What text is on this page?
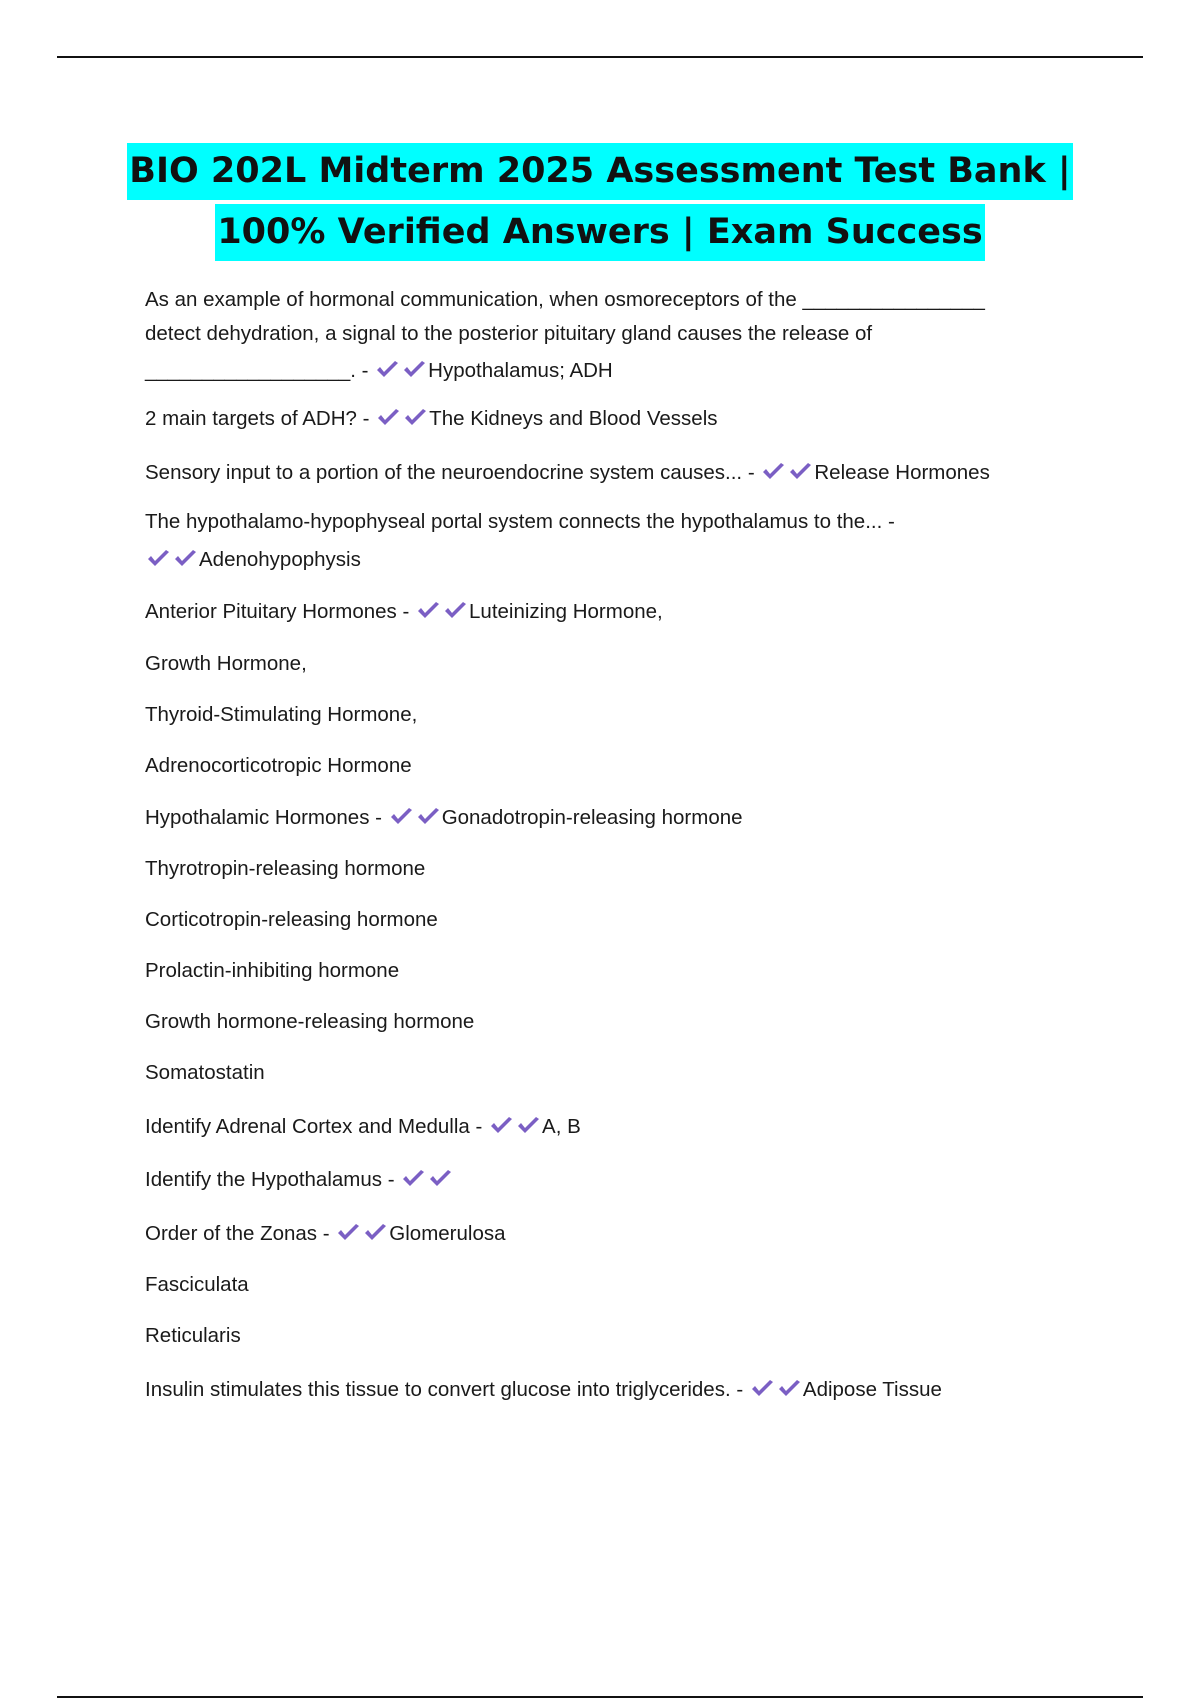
BIO 202L Midterm 2025 Assessment Test Bank |
100% Verified Answers | Exam Success
As an example of hormonal communication, when osmoreceptors of the ________________
detect dehydration, a signal to the posterior pituitary gland causes the release of
__________________. -	Hypothalamus; ADH
2 main targets of ADH? -	The Kidneys and Blood Vessels
Sensory input to a portion of the neuroendocrine system causes... -	Release Hormones
The hypothalamo-hypophyseal portal system connects the hypothalamus to the... -
Adenohypophysis
Anterior Pituitary Hormones -	Luteinizing Hormone,
Growth Hormone,
Thyroid-Stimulating Hormone,
Adrenocorticotropic Hormone
Hypothalamic Hormones -	Gonadotropin-releasing hormone
Thyrotropin-releasing hormone
Corticotropin-releasing hormone
Prolactin-inhibiting hormone
Growth hormone-releasing hormone
Somatostatin
Identify Adrenal Cortex and Medulla -	A, B
Identify the Hypothalamus -
Order of the Zonas -	Glomerulosa
Fasciculata
Reticularis
Insulin stimulates this tissue to convert glucose into triglycerides. -	Adipose Tissue
